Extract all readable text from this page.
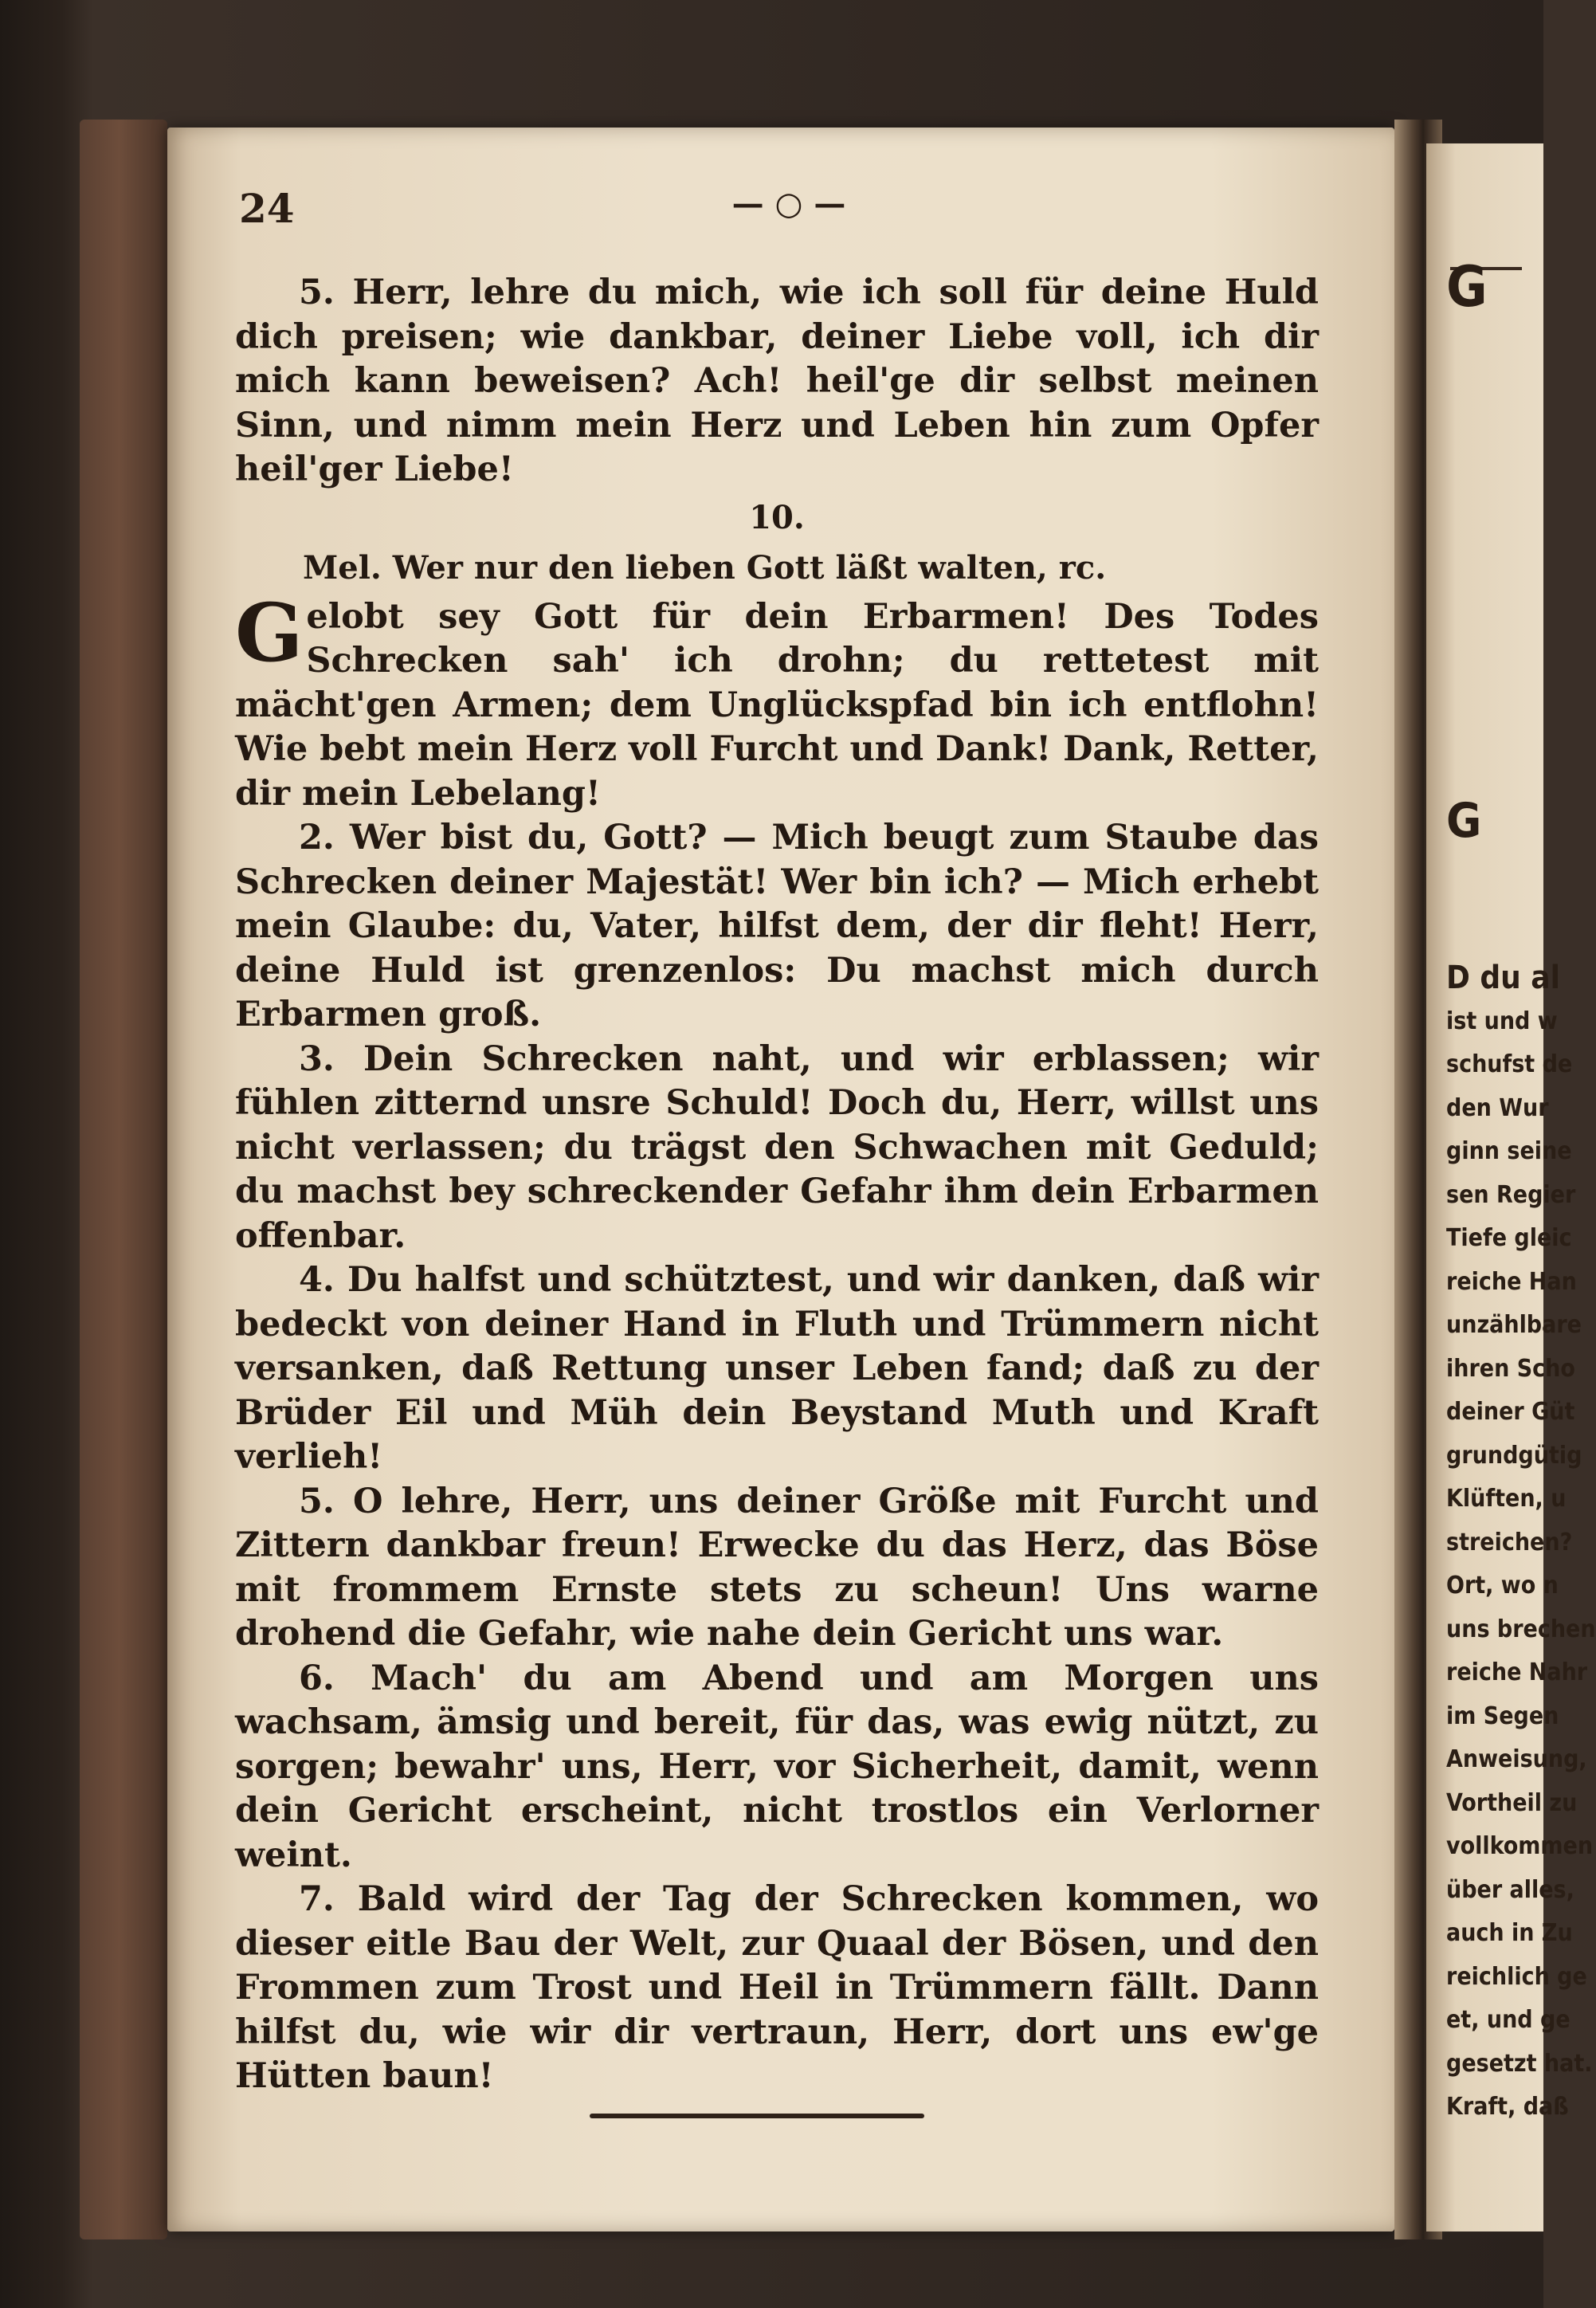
24	— ○ —

5. Herr, lehre du mich, wie ich soll für deine Huld dich preisen; wie dankbar, deiner Liebe voll, ich dir mich kann beweisen? Ach! heil'ge dir selbst meinen Sinn, und nimm mein Herz und Leben hin zum Opfer heil'ger Liebe!

10.

Mel. Wer nur den lieben Gott läßt walten, rc.

Gelobt sey Gott für dein Erbarmen! Des Todes Schrecken sah' ich drohn; du rettetest mit mächt'gen Armen; dem Unglückspfad bin ich entflohn! Wie bebt mein Herz voll Furcht und Dank! Dank, Retter, dir mein Lebelang!

2. Wer bist du, Gott? — Mich beugt zum Staube das Schrecken deiner Majestät! Wer bin ich? — Mich erhebt mein Glaube: du, Vater, hilfst dem, der dir fleht! Herr, deine Huld ist grenzenlos: Du machst mich durch Erbarmen groß.

3. Dein Schrecken naht, und wir erblassen; wir fühlen zitternd unsre Schuld! Doch du, Herr, willst uns nicht verlassen; du trägst den Schwachen mit Geduld; du machst bey schreckender Gefahr ihm dein Erbarmen offenbar.

4. Du halfst und schütztest, und wir danken, daß wir bedeckt von deiner Hand in Fluth und Trümmern nicht versanken, daß Rettung unser Leben fand; daß zu der Brüder Eil und Müh dein Beystand Muth und Kraft verlieh!

5. O lehre, Herr, uns deiner Größe mit Furcht und Zittern dankbar freun! Erwecke du das Herz, das Böse mit frommem Ernste stets zu scheun! Uns warne drohend die Gefahr, wie nahe dein Gericht uns war.

6. Mach' du am Abend und am Morgen uns wachsam, ämsig und bereit, für das, was ewig nützt, zu sorgen; bewahr' uns, Herr, vor Sicherheit, damit, wenn dein Gericht erscheint, nicht trostlos ein Verlorner weint.

7. Bald wird der Tag der Schrecken kommen, wo dieser eitle Bau der Welt, zur Quaal der Bösen, und den Frommen zum Trost und Heil in Trümmern fällt. Dann hilfst du, wie wir dir vertraun, Herr, dort uns ew'ge Hütten baun!

G
G
D du al
ist und w
schufst de
den Wur
ginn seine
sen Regier
Tiefe gleic
reiche Han
unzählbare
ihren Scho
deiner Güt
grundgütig
Klüften, u
streichen?
Ort, wo n
uns brechen
reiche Nahr
im Segen
Anweisung,
Vortheil zu
vollkommen
über alles,
auch in Zu
reichlich ge
et, und ge
gesetzt hat.
Kraft, daß
